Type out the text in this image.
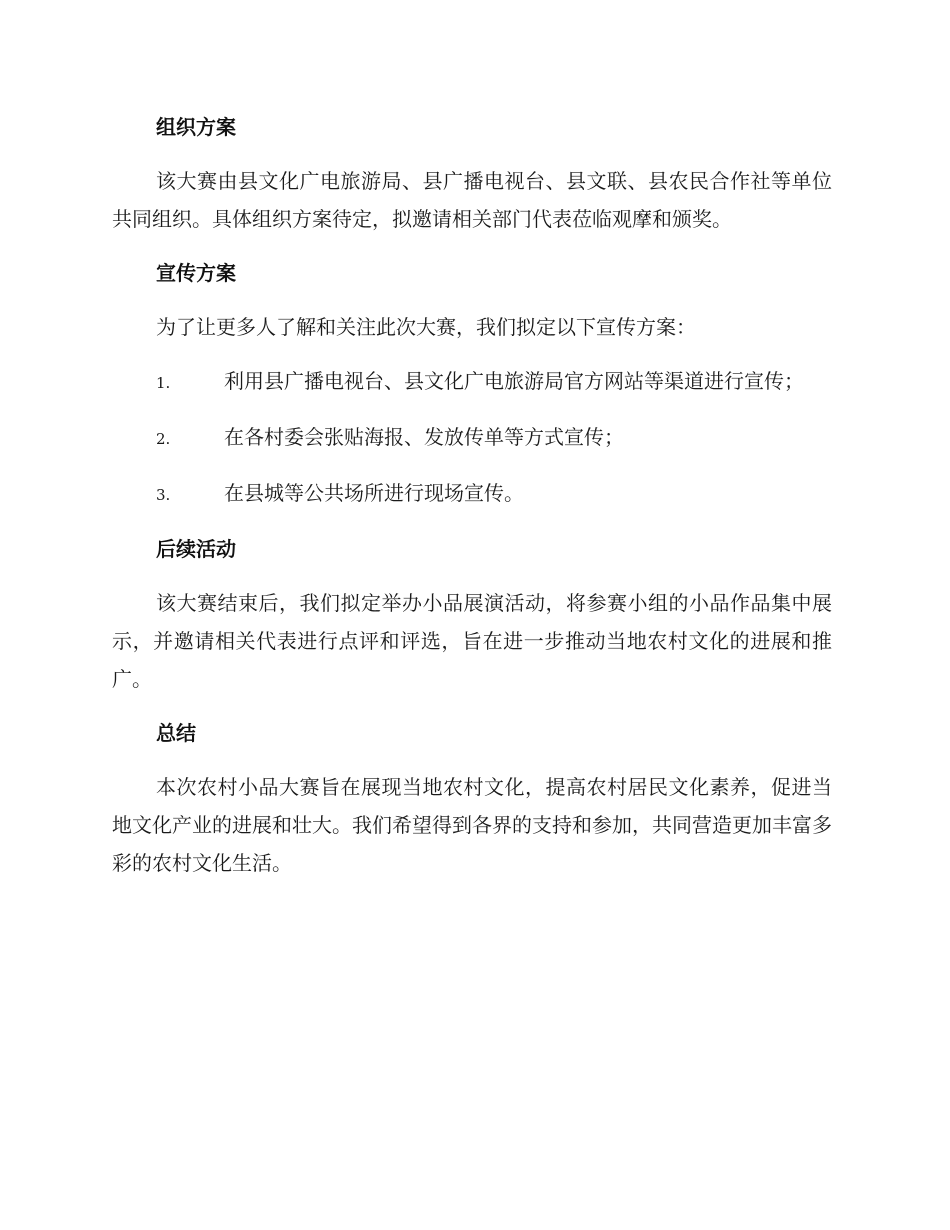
组织方案

该大赛由县文化广电旅游局、县广播电视台、县文联、县农民合作社等单位共同组织。具体组织方案待定，拟邀请相关部门代表莅临观摩和颁奖。

宣传方案

为了让更多人了解和关注此次大赛，我们拟定以下宣传方案：

1.	利用县广播电视台、县文化广电旅游局官方网站等渠道进行宣传；
2.	在各村委会张贴海报、发放传单等方式宣传；
3.	在县城等公共场所进行现场宣传。
后续活动

该大赛结束后，我们拟定举办小品展演活动，将参赛小组的小品作品集中展示，并邀请相关代表进行点评和评选，旨在进一步推动当地农村文化的进展和推广。

总结

本次农村小品大赛旨在展现当地农村文化，提高农村居民文化素养，促进当地文化产业的进展和壮大。我们希望得到各界的支持和参加，共同营造更加丰富多彩的农村文化生活。
